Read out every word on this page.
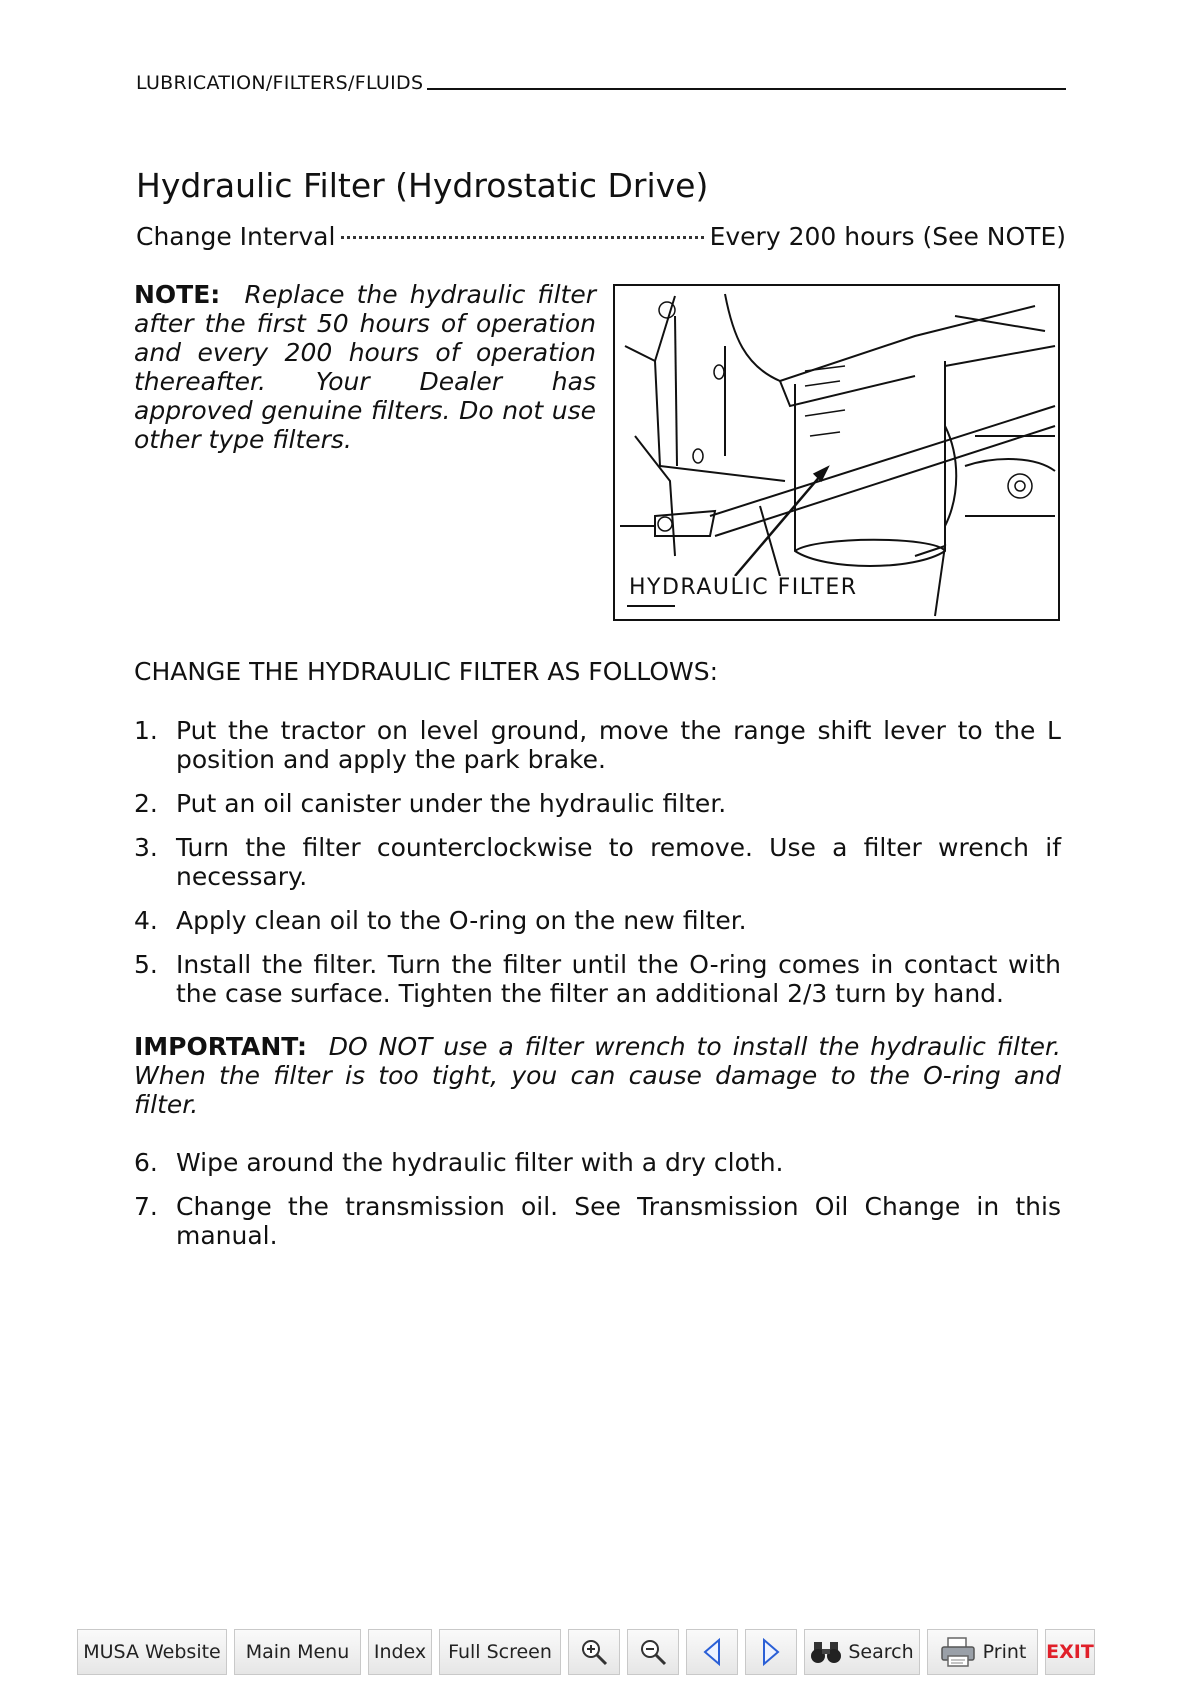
LUBRICATION/FILTERS/FLUIDS
Hydraulic Filter (Hydrostatic Drive)
Change Interval	Every 200 hours (See NOTE)
NOTE: Replace the hydraulic filter after the first 50 hours of operation and every 200 hours of operation thereafter. Your Dealer has approved genuine filters. Do not use other type filters.
HYDRAULIC FILTER
CHANGE THE HYDRAULIC FILTER AS FOLLOWS:
1. Put the tractor on level ground, move the range shift lever to the L position and apply the park brake.
2. Put an oil canister under the hydraulic filter.
3. Turn the filter counterclockwise to remove. Use a filter wrench if necessary.
4. Apply clean oil to the O-ring on the new filter.
5. Install the filter. Turn the filter until the O-ring comes in contact with the case surface. Tighten the filter an additional 2/3 turn by hand.
IMPORTANT: DO NOT use a filter wrench to install the hydraulic filter. When the filter is too tight, you can cause damage to the O-ring and filter.
6. Wipe around the hydraulic filter with a dry cloth.
7. Change the transmission oil. See Transmission Oil Change in this manual.
MUSA Website	Main Menu	Index	Full Screen	Search	Print EXIT
